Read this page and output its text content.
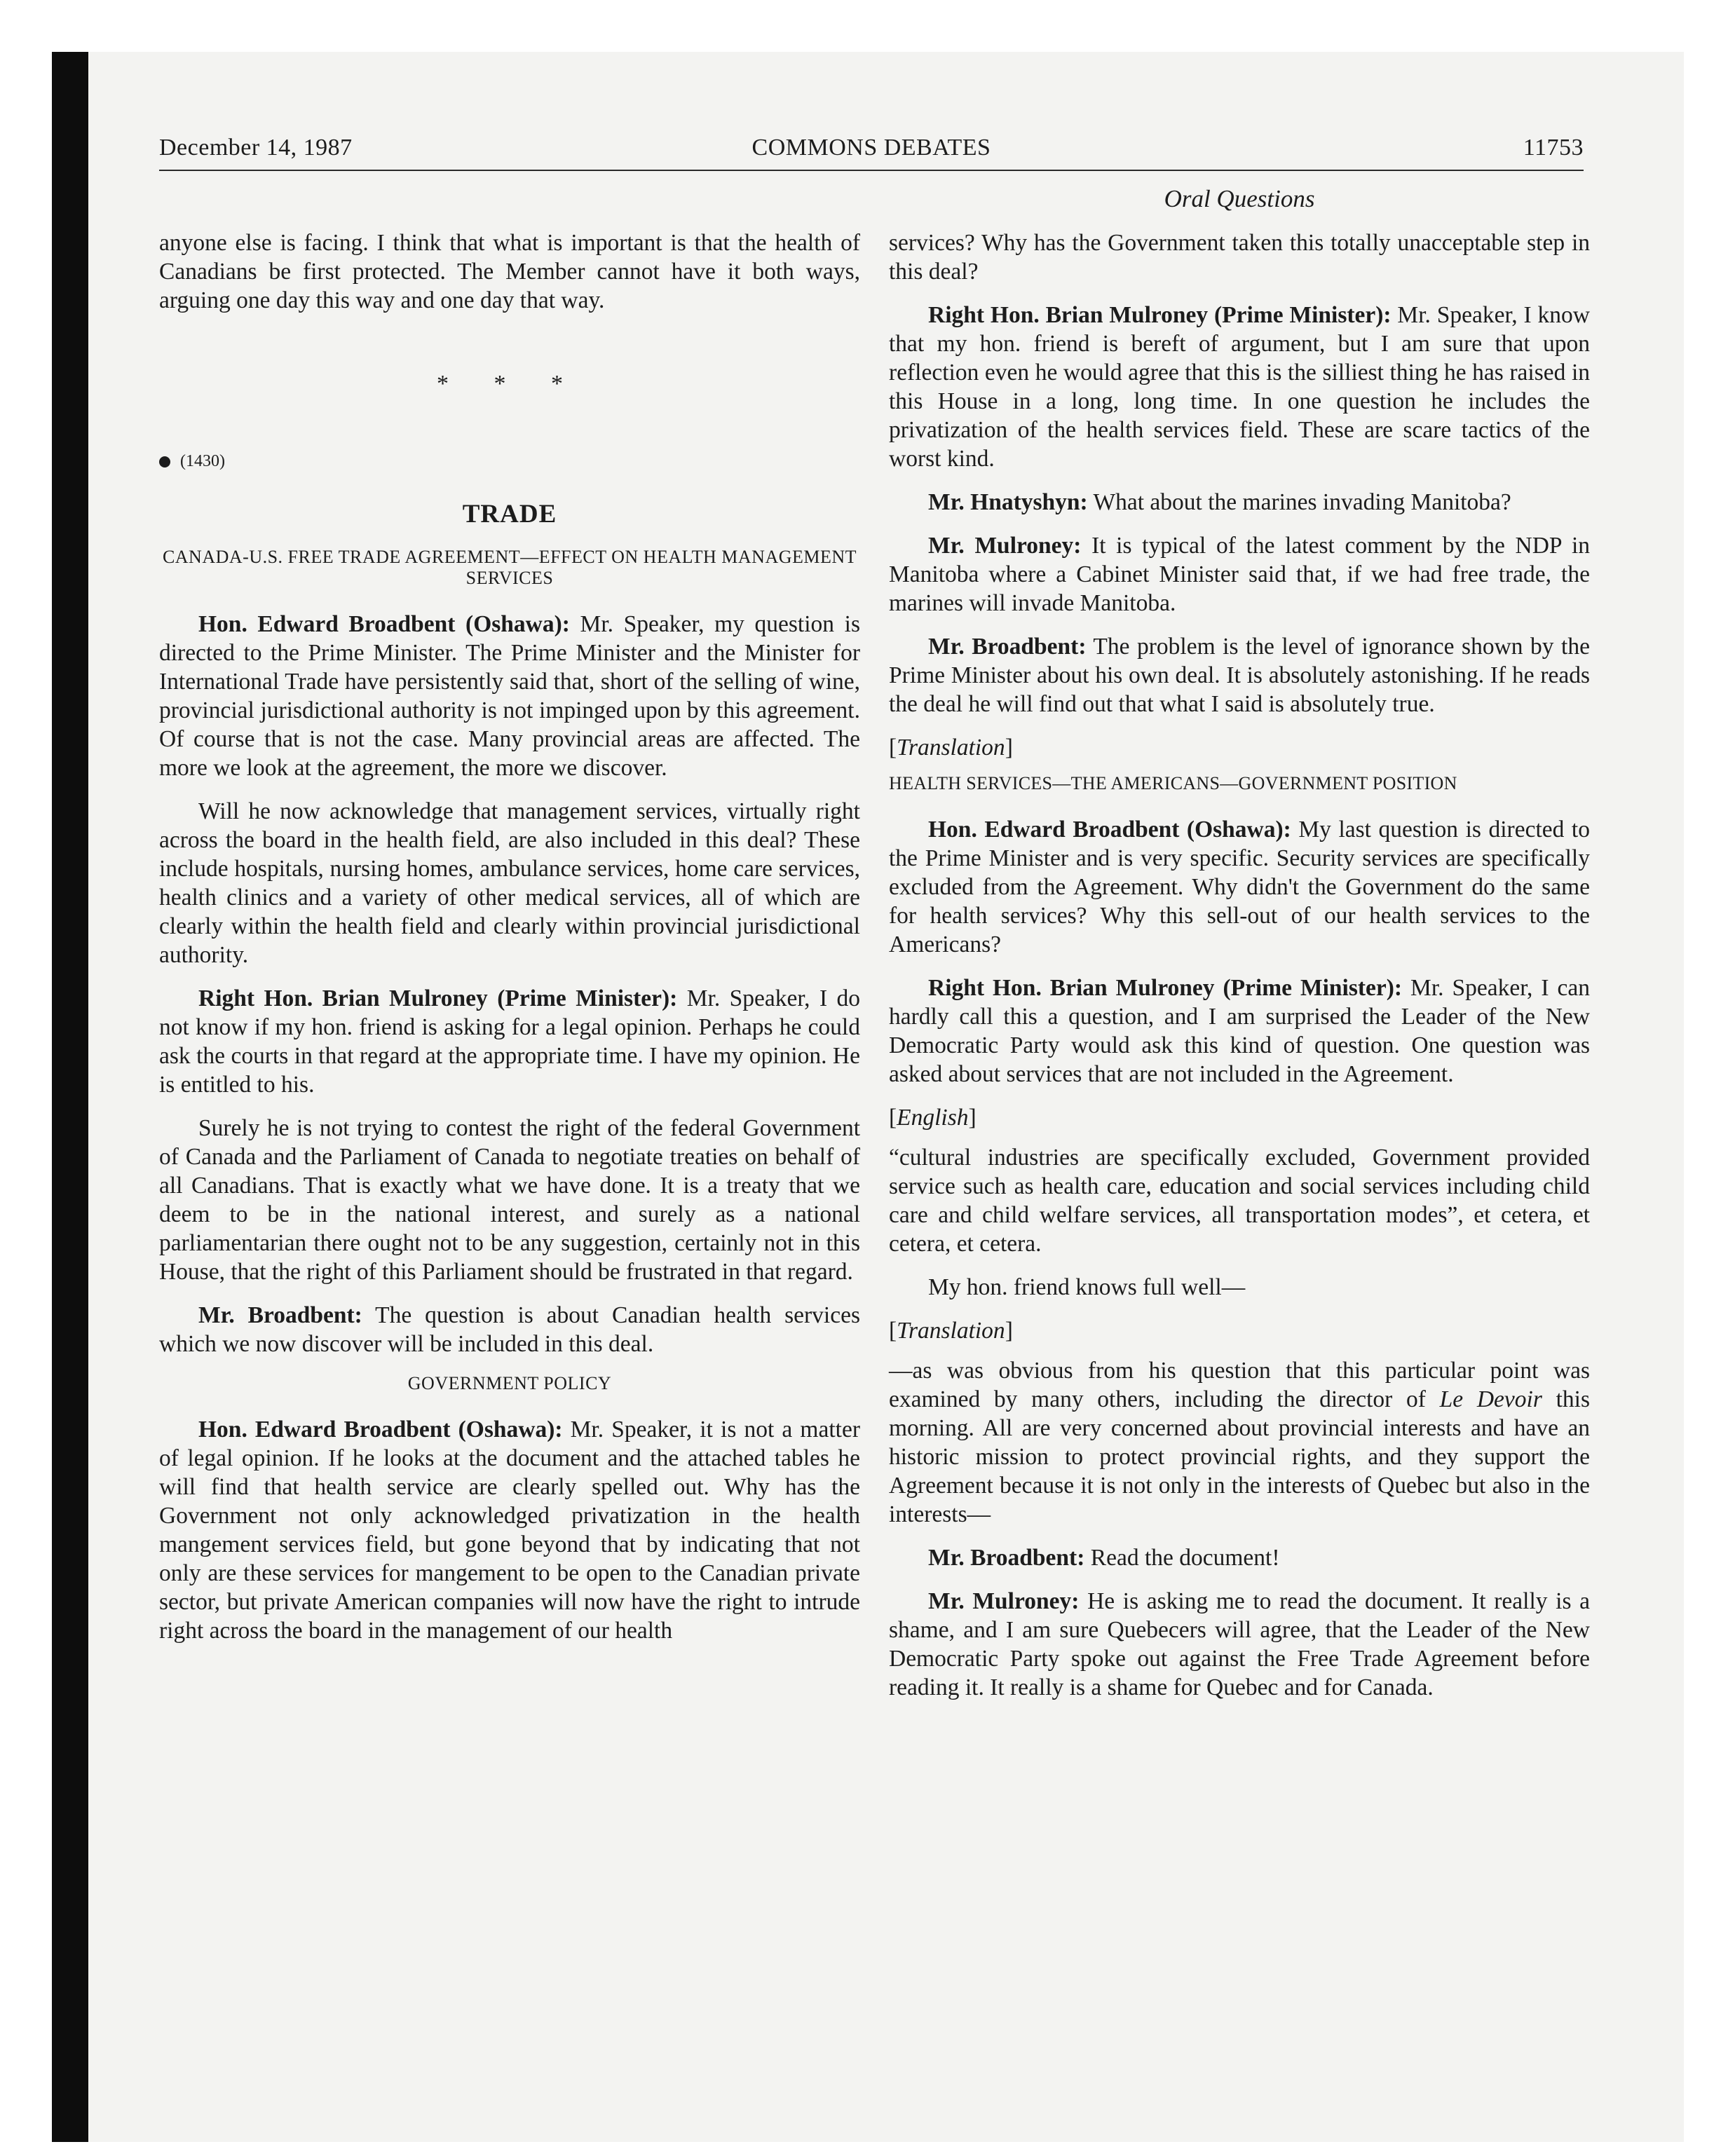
December 14, 1987	COMMONS DEBATES	11753
Oral Questions

anyone else is facing. I think that what is important is that the health of Canadians be first protected. The Member cannot have it both ways, arguing one day this way and one day that way.

* * *
(1430)
TRADE
CANADA-U.S. FREE TRADE AGREEMENT—EFFECT ON HEALTH MANAGEMENT SERVICES

Hon. Edward Broadbent (Oshawa): Mr. Speaker, my question is directed to the Prime Minister. The Prime Minister and the Minister for International Trade have persistently said that, short of the selling of wine, provincial jurisdictional authority is not impinged upon by this agreement. Of course that is not the case. Many provincial areas are affected. The more we look at the agreement, the more we discover.

Will he now acknowledge that management services, virtually right across the board in the health field, are also included in this deal? These include hospitals, nursing homes, ambulance services, home care services, health clinics and a variety of other medical services, all of which are clearly within the health field and clearly within provincial jurisdictional authority.

Right Hon. Brian Mulroney (Prime Minister): Mr. Speaker, I do not know if my hon. friend is asking for a legal opinion. Perhaps he could ask the courts in that regard at the appropriate time. I have my opinion. He is entitled to his.

Surely he is not trying to contest the right of the federal Government of Canada and the Parliament of Canada to negotiate treaties on behalf of all Canadians. That is exactly what we have done. It is a treaty that we deem to be in the national interest, and surely as a national parliamentarian there ought not to be any suggestion, certainly not in this House, that the right of this Parliament should be frustrated in that regard.

Mr. Broadbent: The question is about Canadian health services which we now discover will be included in this deal.

GOVERNMENT POLICY

Hon. Edward Broadbent (Oshawa): Mr. Speaker, it is not a matter of legal opinion. If he looks at the document and the attached tables he will find that health service are clearly spelled out. Why has the Government not only acknowledged privatization in the health mangement services field, but gone beyond that by indicating that not only are these services for mangement to be open to the Canadian private sector, but private American companies will now have the right to intrude right across the board in the management of our health

services? Why has the Government taken this totally unacceptable step in this deal?

Right Hon. Brian Mulroney (Prime Minister): Mr. Speaker, I know that my hon. friend is bereft of argument, but I am sure that upon reflection even he would agree that this is the silliest thing he has raised in this House in a long, long time. In one question he includes the privatization of the health services field. These are scare tactics of the worst kind.

Mr. Hnatyshyn: What about the marines invading Manitoba?

Mr. Mulroney: It is typical of the latest comment by the NDP in Manitoba where a Cabinet Minister said that, if we had free trade, the marines will invade Manitoba.

Mr. Broadbent: The problem is the level of ignorance shown by the Prime Minister about his own deal. It is absolutely astonishing. If he reads the deal he will find out that what I said is absolutely true.

[Translation]
HEALTH SERVICES—THE AMERICANS—GOVERNMENT POSITION

Hon. Edward Broadbent (Oshawa): My last question is directed to the Prime Minister and is very specific. Security services are specifically excluded from the Agreement. Why didn't the Government do the same for health services? Why this sell-out of our health services to the Americans?

Right Hon. Brian Mulroney (Prime Minister): Mr. Speaker, I can hardly call this a question, and I am surprised the Leader of the New Democratic Party would ask this kind of question. One question was asked about services that are not included in the Agreement.

[English]

“cultural industries are specifically excluded, Government provided service such as health care, education and social services including child care and child welfare services, all transportation modes”, et cetera, et cetera, et cetera.

My hon. friend knows full well—

[Translation]

—as was obvious from his question that this particular point was examined by many others, including the director of Le Devoir this morning. All are very concerned about provincial interests and have an historic mission to protect provincial rights, and they support the Agreement because it is not only in the interests of Quebec but also in the interests—

Mr. Broadbent: Read the document!

Mr. Mulroney: He is asking me to read the document. It really is a shame, and I am sure Quebecers will agree, that the Leader of the New Democratic Party spoke out against the Free Trade Agreement before reading it. It really is a shame for Quebec and for Canada.
